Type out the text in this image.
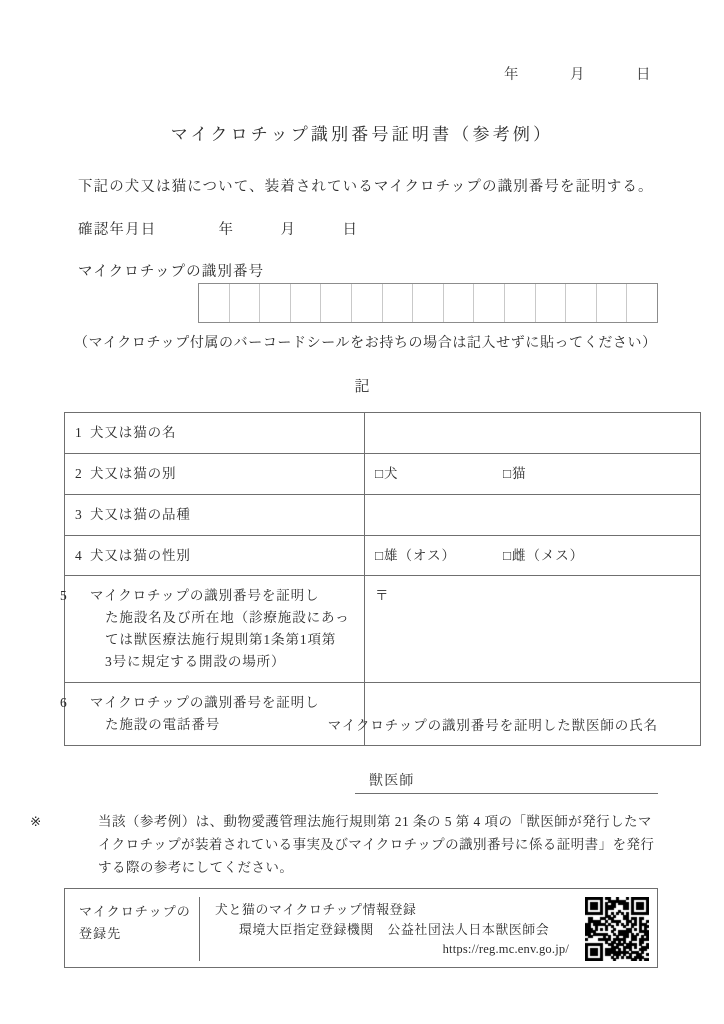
年	月	日
マイクロチップ識別番号証明書（参考例）
下記の犬又は猫について、装着されているマイクロチップの識別番号を証明する。
確認年月日	年	月	日
マイクロチップの識別番号
（マイクロチップ付属のバーコードシールをお持ちの場合は記入せずに貼ってください）
記
1 犬又は猫の名	
2 犬又は猫の別	□犬 □猫

3 犬又は猫の品種	
4 犬又は猫の性別	□雄（オス） □雌（メス）

5 マイクロチップの識別番号を証明し
た施設名及び所在地（診療施設にあっ
ては獣医療法施行規則第1条第1項第
3号に規定する開設の場所）	〒

6 マイクロチップの識別番号を証明し
た施設の電話番号	
		マイクロチップの識別番号を証明した獣医師の氏名
獣医師
※	当該（参考例）は、動物愛護管理法施行規則第 21 条の 5 第 4 項の「獣医師が発行したマイクロチップが装着されている事実及びマイクロチップの識別番号に係る証明書」を発行する際の参考にしてください。
マイクロチップの
登録先
犬と猫のマイクロチップ情報登録
環境大臣指定登録機関　公益社団法人日本獣医師会
https://reg.mc.env.go.jp/
